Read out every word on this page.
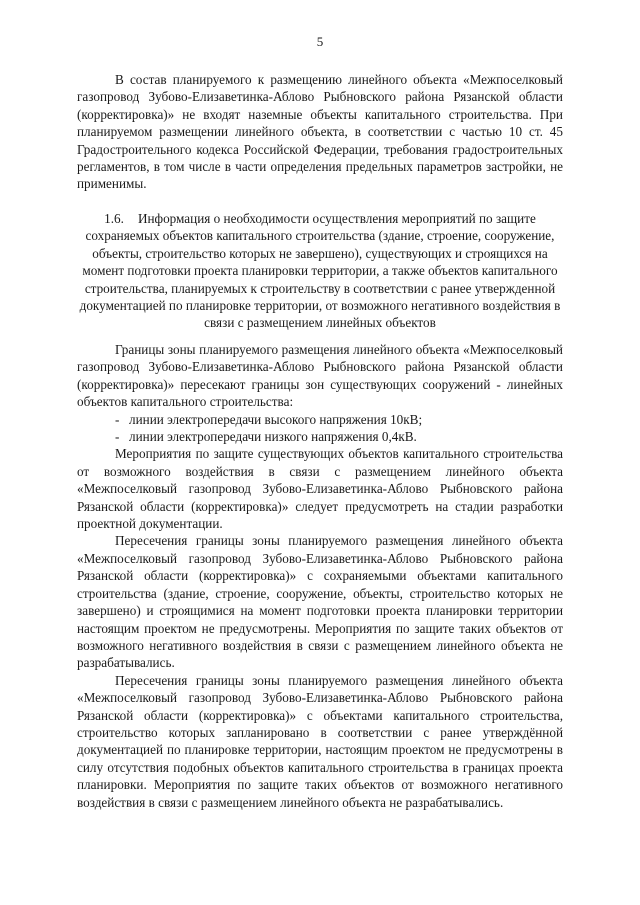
5

В состав планируемого к размещению линейного объекта «Межпоселковый газопровод Зубово-Елизаветинка-Аблово Рыбновского района Рязанской области (корректировка)» не входят наземные объекты капитального строительства. При планируемом размещении линейного объекта, в соответствии с частью 10 ст. 45 Градостроительного кодекса Российской Федерации, требования градостроительных регламентов, в том числе в части определения предельных параметров застройки, не применимы.

1.6. Информация о необходимости осуществления мероприятий по защите сохраняемых объектов капитального строительства (здание, строение, сооружение, объекты, строительство которых не завершено), существующих и строящихся на момент подготовки проекта планировки территории, а также объектов капитального строительства, планируемых к строительству в соответствии с ранее утвержденной документацией по планировке территории, от возможного негативного воздействия в связи с размещением линейных объектов

Границы зоны планируемого размещения линейного объекта «Межпоселковый газопровод Зубово-Елизаветинка-Аблово Рыбновского района Рязанской области (корректировка)» пересекают границы зон существующих сооружений - линейных объектов капитального строительства:

- линии электропередачи высокого напряжения 10кВ;
- линии электропередачи низкого напряжения 0,4кВ.

Мероприятия по защите существующих объектов капитального строительства от возможного воздействия в связи с размещением линейного объекта «Межпоселковый газопровод Зубово-Елизаветинка-Аблово Рыбновского района Рязанской области (корректировка)» следует предусмотреть на стадии разработки проектной документации.

Пересечения границы зоны планируемого размещения линейного объекта «Межпоселковый газопровод Зубово-Елизаветинка-Аблово Рыбновского района Рязанской области (корректировка)» с сохраняемыми объектами капитального строительства (здание, строение, сооружение, объекты, строительство которых не завершено) и строящимися на момент подготовки проекта планировки территории настоящим проектом не предусмотрены. Мероприятия по защите таких объектов от возможного негативного воздействия в связи с размещением линейного объекта не разрабатывались.

Пересечения границы зоны планируемого размещения линейного объекта «Межпоселковый газопровод Зубово-Елизаветинка-Аблово Рыбновского района Рязанской области (корректировка)» с объектами капитального строительства, строительство которых запланировано в соответствии с ранее утверждённой документацией по планировке территории, настоящим проектом не предусмотрены в силу отсутствия подобных объектов капитального строительства в границах проекта планировки. Мероприятия по защите таких объектов от возможного негативного воздействия в связи с размещением линейного объекта не разрабатывались.
